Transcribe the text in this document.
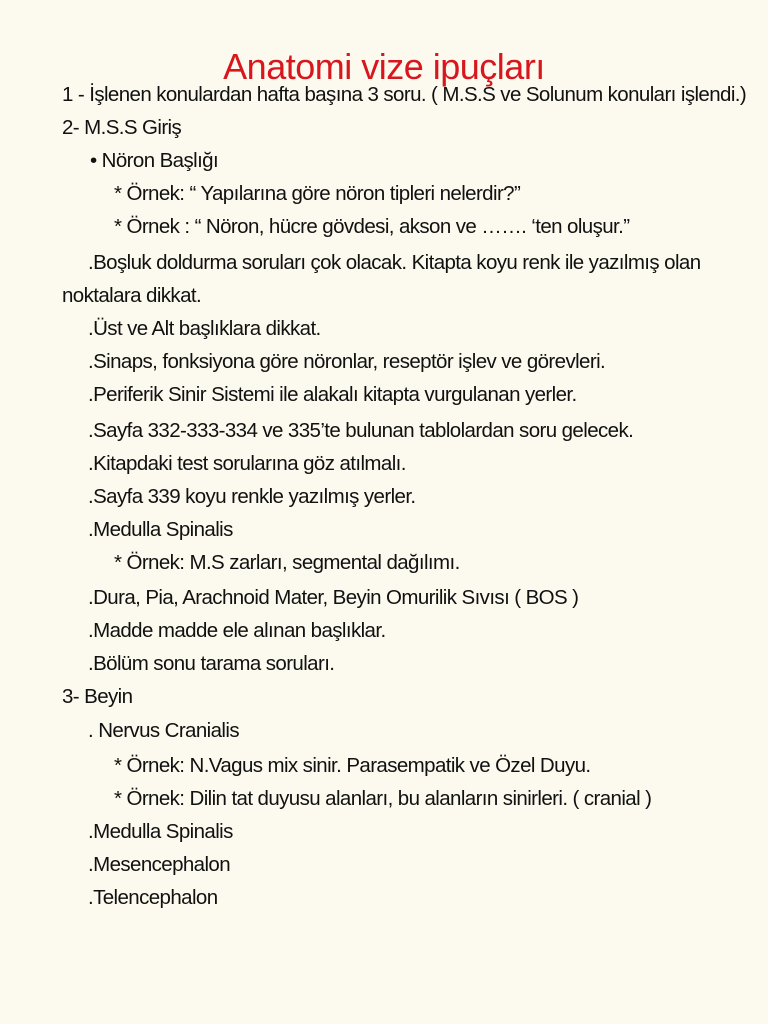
Anatomi vize ipuçları
1 - İşlenen konulardan hafta başına 3 soru. ( M.S.S ve Solunum konuları işlendi.)
2- M.S.S Giriş
• Nöron Başlığı
* Örnek: “ Yapılarına göre nöron tipleri nelerdir?”
* Örnek : “ Nöron, hücre gövdesi, akson ve ……. ‘ten oluşur.”
.Boşluk doldurma soruları çok olacak. Kitapta koyu renk ile yazılmış olan
noktalara dikkat.
.Üst ve Alt başlıklara dikkat.
.Sinaps, fonksiyona göre nöronlar, reseptör işlev ve görevleri.
.Periferik Sinir Sistemi ile alakalı kitapta vurgulanan yerler.
.Sayfa 332-333-334 ve 335’te bulunan tablolardan soru gelecek.
.Kitapdaki test sorularına göz atılmalı.
.Sayfa 339 koyu renkle yazılmış yerler.
.Medulla Spinalis
* Örnek: M.S zarları, segmental dağılımı.
.Dura, Pia, Arachnoid Mater, Beyin Omurilik Sıvısı ( BOS )
.Madde madde ele alınan başlıklar.
.Bölüm sonu tarama soruları.
3- Beyin
. Nervus Cranialis
* Örnek: N.Vagus mix sinir. Parasempatik ve Özel Duyu.
* Örnek: Dilin tat duyusu alanları, bu alanların sinirleri. ( cranial )
.Medulla Spinalis
.Mesencephalon
.Telencephalon
